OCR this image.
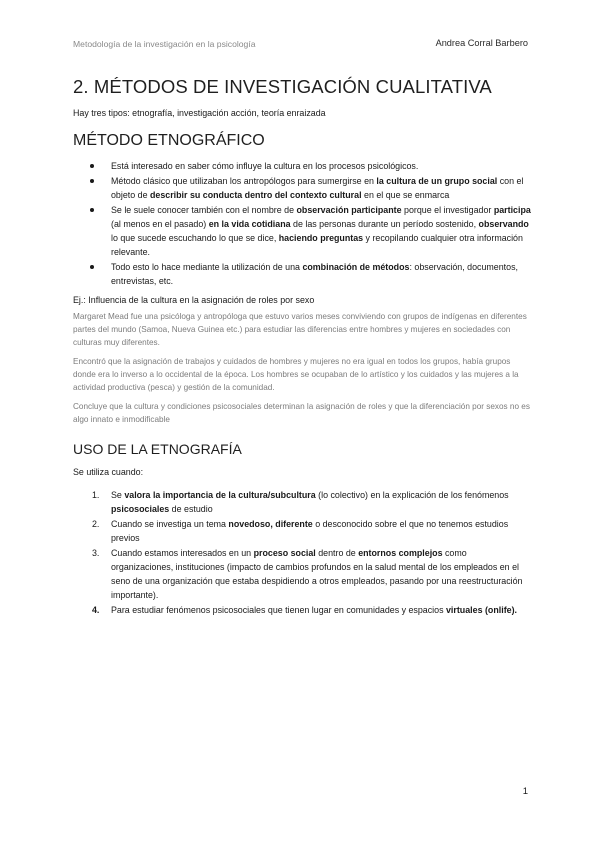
Metodología de la investigación en la psicología	Andrea Corral Barbero
2. MÉTODOS DE INVESTIGACIÓN CUALITATIVA
Hay tres tipos: etnografía, investigación acción, teoría enraizada
MÉTODO ETNOGRÁFICO
Está interesado en saber cómo influye la cultura en los procesos psicológicos.
Método clásico que utilizaban los antropólogos para sumergirse en la cultura de un grupo social con el objeto de describir su conducta dentro del contexto cultural en el que se enmarca
Se le suele conocer también con el nombre de observación participante porque el investigador participa (al menos en el pasado) en la vida cotidiana de las personas durante un período sostenido, observando lo que sucede escuchando lo que se dice, haciendo preguntas y recopilando cualquier otra información relevante.
Todo esto lo hace mediante la utilización de una combinación de métodos: observación, documentos, entrevistas, etc.
Ej.: Influencia de la cultura en la asignación de roles por sexo
Margaret Mead fue una psicóloga y antropóloga que estuvo varios meses conviviendo con grupos de indígenas en diferentes partes del mundo (Samoa, Nueva Guinea etc.) para estudiar las diferencias entre hombres y mujeres en sociedades con culturas muy diferentes.
Encontró que la asignación de trabajos y cuidados de hombres y mujeres no era igual en todos los grupos, había grupos donde era lo inverso a lo occidental de la época. Los hombres se ocupaban de lo artístico y los cuidados y las mujeres a la actividad productiva (pesca) y gestión de la comunidad.
Concluye que la cultura y condiciones psicosociales determinan la asignación de roles y que la diferenciación por sexos no es algo innato e inmodificable
USO DE LA ETNOGRAFÍA
Se utiliza cuando:
1. Se valora la importancia de la cultura/subcultura (lo colectivo) en la explicación de los fenómenos psicosociales de estudio
2. Cuando se investiga un tema novedoso, diferente o desconocido sobre el que no tenemos estudios previos
3. Cuando estamos interesados en un proceso social dentro de entornos complejos como organizaciones, instituciones (impacto de cambios profundos en la salud mental de los empleados en el seno de una organización que estaba despidiendo a otros empleados, pasando por una reestructuración importante).
4. Para estudiar fenómenos psicosociales que tienen lugar en comunidades y espacios virtuales (onlife).
1
